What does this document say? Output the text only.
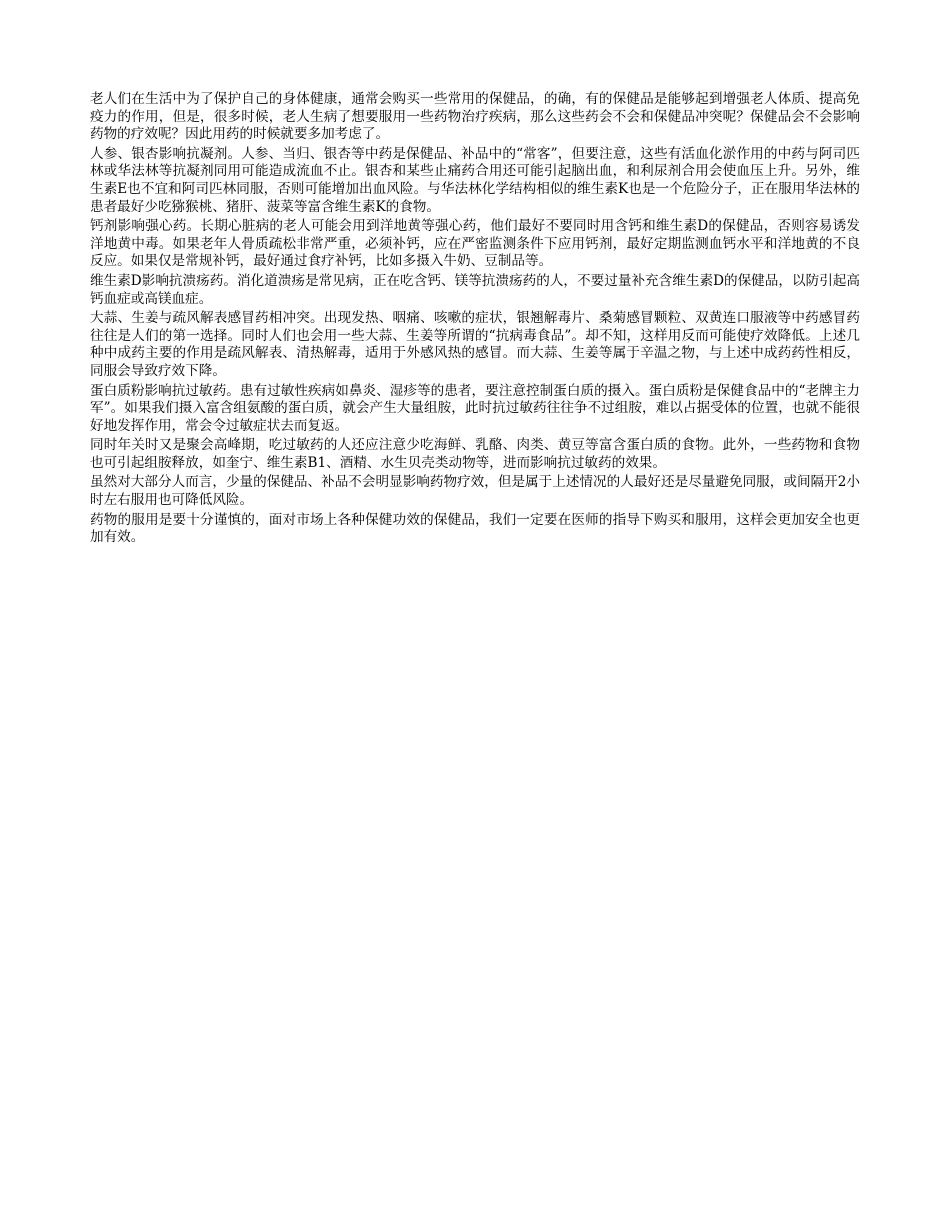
老人们在生活中为了保护自己的身体健康，通常会购买一些常用的保健品，的确，有的保健品是能够起到增强老人体质、提高免疫力的作用，但是，很多时候，老人生病了想要服用一些药物治疗疾病，那么这些药会不会和保健品冲突呢？保健品会不会影响药物的疗效呢？因此用药的时候就要多加考虑了。

人参、银杏影响抗凝剂。人参、当归、银杏等中药是保健品、补品中的“常客”，但要注意，这些有活血化淤作用的中药与阿司匹林或华法林等抗凝剂同用可能造成流血不止。银杏和某些止痛药合用还可能引起脑出血，和利尿剂合用会使血压上升。另外，维生素E也不宜和阿司匹林同服，否则可能增加出血风险。与华法林化学结构相似的维生素K也是一个危险分子，正在服用华法林的患者最好少吃猕猴桃、猪肝、菠菜等富含维生素K的食物。

钙剂影响强心药。长期心脏病的老人可能会用到洋地黄等强心药，他们最好不要同时用含钙和维生素D的保健品，否则容易诱发洋地黄中毒。如果老年人骨质疏松非常严重，必须补钙，应在严密监测条件下应用钙剂，最好定期监测血钙水平和洋地黄的不良反应。如果仅是常规补钙，最好通过食疗补钙，比如多摄入牛奶、豆制品等。

维生素D影响抗溃疡药。消化道溃疡是常见病，正在吃含钙、镁等抗溃疡药的人，不要过量补充含维生素D的保健品，以防引起高钙血症或高镁血症。

大蒜、生姜与疏风解表感冒药相冲突。出现发热、咽痛、咳嗽的症状，银翘解毒片、桑菊感冒颗粒、双黄连口服液等中药感冒药往往是人们的第一选择。同时人们也会用一些大蒜、生姜等所谓的“抗病毒食品”。却不知，这样用反而可能使疗效降低。上述几种中成药主要的作用是疏风解表、清热解毒，适用于外感风热的感冒。而大蒜、生姜等属于辛温之物，与上述中成药药性相反，同服会导致疗效下降。

蛋白质粉影响抗过敏药。患有过敏性疾病如鼻炎、湿疹等的患者，要注意控制蛋白质的摄入。蛋白质粉是保健食品中的“老牌主力军”。如果我们摄入富含组氨酸的蛋白质，就会产生大量组胺，此时抗过敏药往往争不过组胺，难以占据受体的位置，也就不能很好地发挥作用，常会令过敏症状去而复返。

同时年关时又是聚会高峰期，吃过敏药的人还应注意少吃海鲜、乳酪、肉类、黄豆等富含蛋白质的食物。此外，一些药物和食物也可引起组胺释放，如奎宁、维生素B1、酒精、水生贝壳类动物等，进而影响抗过敏药的效果。

虽然对大部分人而言，少量的保健品、补品不会明显影响药物疗效，但是属于上述情况的人最好还是尽量避免同服，或间隔开2小时左右服用也可降低风险。

药物的服用是要十分谨慎的，面对市场上各种保健功效的保健品，我们一定要在医师的指导下购买和服用，这样会更加安全也更加有效。
